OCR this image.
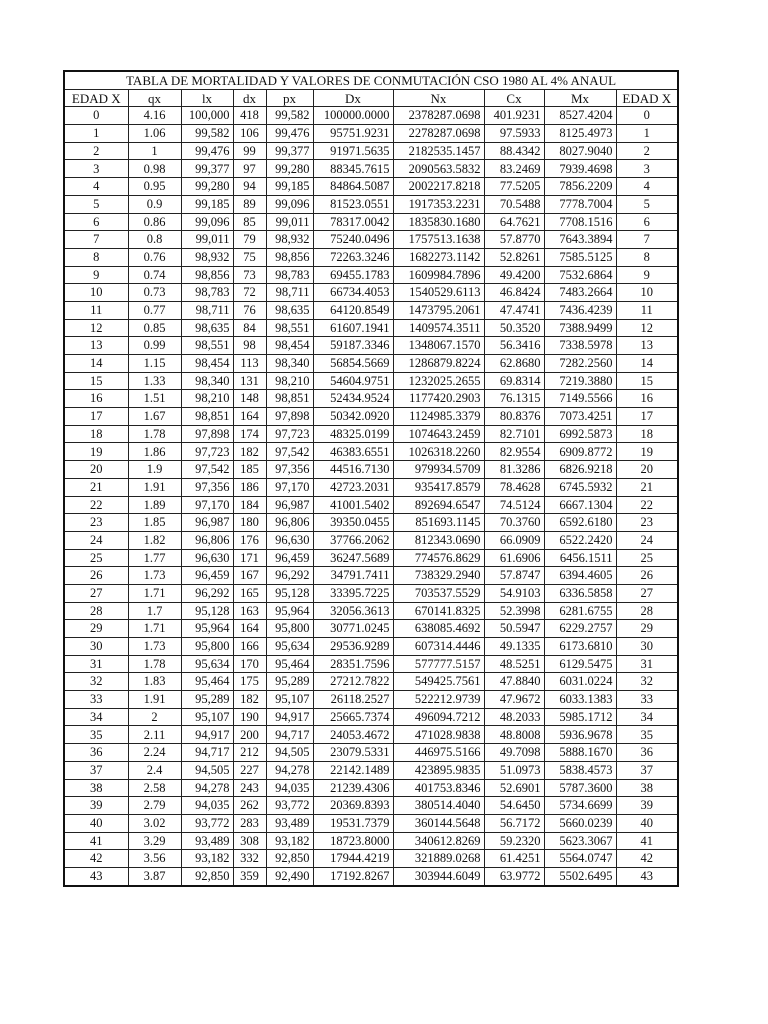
TABLA DE MORTALIDAD Y VALORES DE CONMUTACIÓN CSO 1980 AL 4% ANAUL									
EDAD X	qx	lx	dx	px	Dx	Nx	Cx	Mx	EDAD X
0	4.16	100,000	418	99,582	100000.0000	2378287.0698	401.9231	8527.4204	0
1	1.06	99,582	106	99,476	95751.9231	2278287.0698	97.5933	8125.4973	1
2	1	99,476	99	99,377	91971.5635	2182535.1457	88.4342	8027.9040	2
3	0.98	99,377	97	99,280	88345.7615	2090563.5832	83.2469	7939.4698	3
4	0.95	99,280	94	99,185	84864.5087	2002217.8218	77.5205	7856.2209	4
5	0.9	99,185	89	99,096	81523.0551	1917353.2231	70.5488	7778.7004	5
6	0.86	99,096	85	99,011	78317.0042	1835830.1680	64.7621	7708.1516	6
7	0.8	99,011	79	98,932	75240.0496	1757513.1638	57.8770	7643.3894	7
8	0.76	98,932	75	98,856	72263.3246	1682273.1142	52.8261	7585.5125	8
9	0.74	98,856	73	98,783	69455.1783	1609984.7896	49.4200	7532.6864	9
10	0.73	98,783	72	98,711	66734.4053	1540529.6113	46.8424	7483.2664	10
11	0.77	98,711	76	98,635	64120.8549	1473795.2061	47.4741	7436.4239	11
12	0.85	98,635	84	98,551	61607.1941	1409574.3511	50.3520	7388.9499	12
13	0.99	98,551	98	98,454	59187.3346	1348067.1570	56.3416	7338.5978	13
14	1.15	98,454	113	98,340	56854.5669	1286879.8224	62.8680	7282.2560	14
15	1.33	98,340	131	98,210	54604.9751	1232025.2655	69.8314	7219.3880	15
16	1.51	98,210	148	98,851	52434.9524	1177420.2903	76.1315	7149.5566	16
17	1.67	98,851	164	97,898	50342.0920	1124985.3379	80.8376	7073.4251	17
18	1.78	97,898	174	97,723	48325.0199	1074643.2459	82.7101	6992.5873	18
19	1.86	97,723	182	97,542	46383.6551	1026318.2260	82.9554	6909.8772	19
20	1.9	97,542	185	97,356	44516.7130	979934.5709	81.3286	6826.9218	20
21	1.91	97,356	186	97,170	42723.2031	935417.8579	78.4628	6745.5932	21
22	1.89	97,170	184	96,987	41001.5402	892694.6547	74.5124	6667.1304	22
23	1.85	96,987	180	96,806	39350.0455	851693.1145	70.3760	6592.6180	23
24	1.82	96,806	176	96,630	37766.2062	812343.0690	66.0909	6522.2420	24
25	1.77	96,630	171	96,459	36247.5689	774576.8629	61.6906	6456.1511	25
26	1.73	96,459	167	96,292	34791.7411	738329.2940	57.8747	6394.4605	26
27	1.71	96,292	165	95,128	33395.7225	703537.5529	54.9103	6336.5858	27
28	1.7	95,128	163	95,964	32056.3613	670141.8325	52.3998	6281.6755	28
29	1.71	95,964	164	95,800	30771.0245	638085.4692	50.5947	6229.2757	29
30	1.73	95,800	166	95,634	29536.9289	607314.4446	49.1335	6173.6810	30
31	1.78	95,634	170	95,464	28351.7596	577777.5157	48.5251	6129.5475	31
32	1.83	95,464	175	95,289	27212.7822	549425.7561	47.8840	6031.0224	32
33	1.91	95,289	182	95,107	26118.2527	522212.9739	47.9672	6033.1383	33
34	2	95,107	190	94,917	25665.7374	496094.7212	48.2033	5985.1712	34
35	2.11	94,917	200	94,717	24053.4672	471028.9838	48.8008	5936.9678	35
36	2.24	94,717	212	94,505	23079.5331	446975.5166	49.7098	5888.1670	36
37	2.4	94,505	227	94,278	22142.1489	423895.9835	51.0973	5838.4573	37
38	2.58	94,278	243	94,035	21239.4306	401753.8346	52.6901	5787.3600	38
39	2.79	94,035	262	93,772	20369.8393	380514.4040	54.6450	5734.6699	39
40	3.02	93,772	283	93,489	19531.7379	360144.5648	56.7172	5660.0239	40
41	3.29	93,489	308	93,182	18723.8000	340612.8269	59.2320	5623.3067	41
42	3.56	93,182	332	92,850	17944.4219	321889.0268	61.4251	5564.0747	42
43	3.87	92,850	359	92,490	17192.8267	303944.6049	63.9772	5502.6495	43
